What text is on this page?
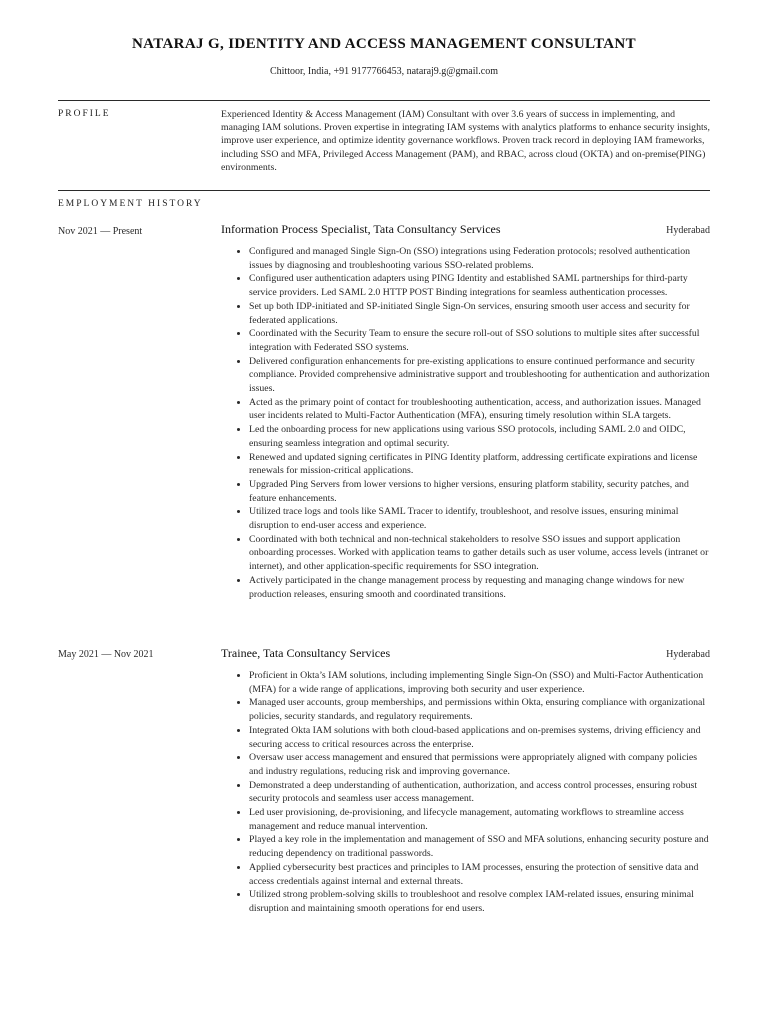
NATARAJ G, IDENTITY AND ACCESS MANAGEMENT CONSULTANT
Chittoor, India, +91 9177766453, nataraj9.g@gmail.com
PROFILE	Experienced Identity & Access Management (IAM) Consultant with over 3.6 years of success in implementing, and managing IAM solutions. Proven expertise in integrating IAM systems with analytics platforms to enhance security insights, improve user experience, and optimize identity governance workflows. Proven track record in deploying IAM frameworks, including SSO and MFA, Privileged Access Management (PAM), and RBAC, across cloud (OKTA) and on-premise(PING) environments.
EMPLOYMENT HISTORY
Nov 2021 — Present	Information Process Specialist, Tata Consultancy Services	Hyderabad
• Configured and managed Single Sign-On (SSO) integrations using Federation protocols; resolved authentication issues by diagnosing and troubleshooting various SSO-related problems.
• Configured user authentication adapters using PING Identity and established SAML partnerships for third-party service providers. Led SAML 2.0 HTTP POST Binding integrations for seamless authentication processes.
• Set up both IDP-initiated and SP-initiated Single Sign-On services, ensuring smooth user access and security for federated applications.
• Coordinated with the Security Team to ensure the secure roll-out of SSO solutions to multiple sites after successful integration with Federated SSO systems.
• Delivered configuration enhancements for pre-existing applications to ensure continued performance and security compliance. Provided comprehensive administrative support and troubleshooting for authentication and authorization issues.
• Acted as the primary point of contact for troubleshooting authentication, access, and authorization issues. Managed user incidents related to Multi-Factor Authentication (MFA), ensuring timely resolution within SLA targets.
• Led the onboarding process for new applications using various SSO protocols, including SAML 2.0 and OIDC, ensuring seamless integration and optimal security.
• Renewed and updated signing certificates in PING Identity platform, addressing certificate expirations and license renewals for mission-critical applications.
• Upgraded Ping Servers from lower versions to higher versions, ensuring platform stability, security patches, and feature enhancements.
• Utilized trace logs and tools like SAML Tracer to identify, troubleshoot, and resolve issues, ensuring minimal disruption to end-user access and experience.
• Coordinated with both technical and non-technical stakeholders to resolve SSO issues and support application onboarding processes. Worked with application teams to gather details such as user volume, access levels (intranet or internet), and other application-specific requirements for SSO integration.
• Actively participated in the change management process by requesting and managing change windows for new production releases, ensuring smooth and coordinated transitions.
May 2021 — Nov 2021	Trainee, Tata Consultancy Services	Hyderabad
• Proficient in Okta’s IAM solutions, including implementing Single Sign-On (SSO) and Multi-Factor Authentication (MFA) for a wide range of applications, improving both security and user experience.
• Managed user accounts, group memberships, and permissions within Okta, ensuring compliance with organizational policies, security standards, and regulatory requirements.
• Integrated Okta IAM solutions with both cloud-based applications and on-premises systems, driving efficiency and securing access to critical resources across the enterprise.
• Oversaw user access management and ensured that permissions were appropriately aligned with company policies and industry regulations, reducing risk and improving governance.
• Demonstrated a deep understanding of authentication, authorization, and access control processes, ensuring robust security protocols and seamless user access management.
• Led user provisioning, de-provisioning, and lifecycle management, automating workflows to streamline access management and reduce manual intervention.
• Played a key role in the implementation and management of SSO and MFA solutions, enhancing security posture and reducing dependency on traditional passwords.
• Applied cybersecurity best practices and principles to IAM processes, ensuring the protection of sensitive data and access credentials against internal and external threats.
• Utilized strong problem-solving skills to troubleshoot and resolve complex IAM-related issues, ensuring minimal disruption and maintaining smooth operations for end users.
